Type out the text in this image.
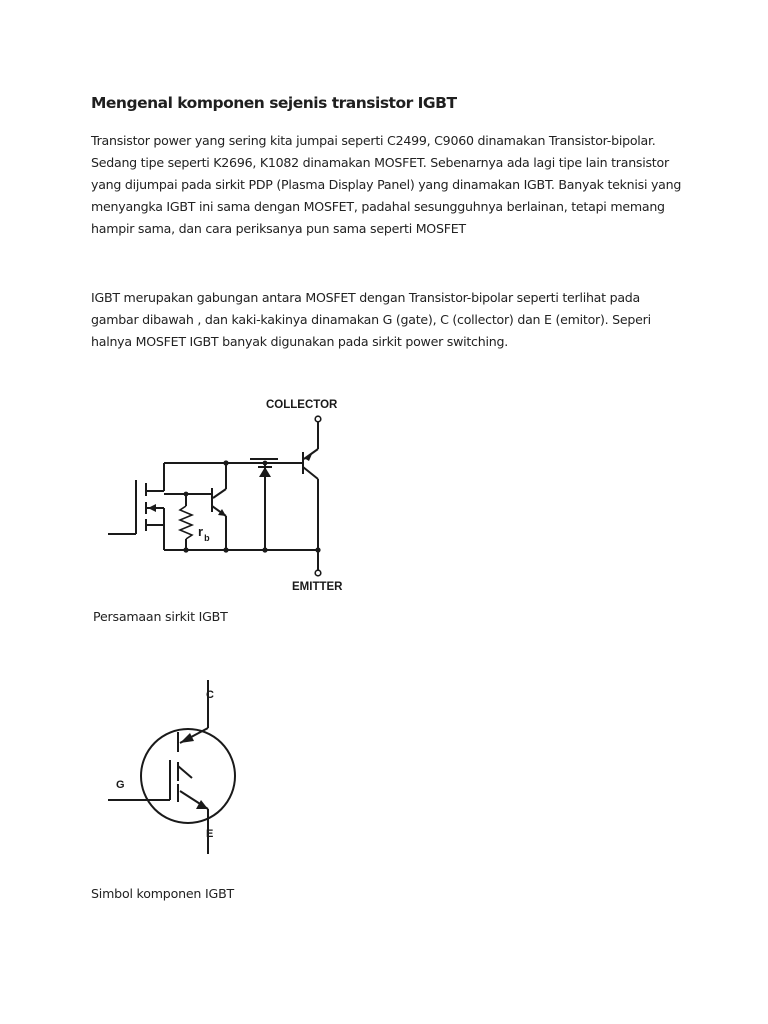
Mengenal komponen sejenis transistor IGBT

Transistor power yang sering kita jumpai seperti C2499, C9060 dinamakan Transistor-bipolar.
Sedang tipe seperti K2696, K1082 dinamakan MOSFET. Sebenarnya ada lagi tipe lain transistor
yang dijumpai pada sirkit PDP (Plasma Display Panel) yang dinamakan IGBT. Banyak teknisi yang
menyangka IGBT ini sama dengan MOSFET, padahal sesungguhnya berlainan, tetapi memang
hampir sama, dan cara periksanya pun sama seperti MOSFET

IGBT merupakan gabungan antara MOSFET dengan Transistor-bipolar seperti terlihat pada
gambar dibawah , dan kaki-kakinya dinamakan G (gate), C (collector) dan E (emitor). Seperi
halnya MOSFET IGBT banyak digunakan pada sirkit power switching.

COLLECTOR
$r_b$
EMITTER

Persamaan sirkit IGBT

C
G
E

Simbol komponen IGBT
